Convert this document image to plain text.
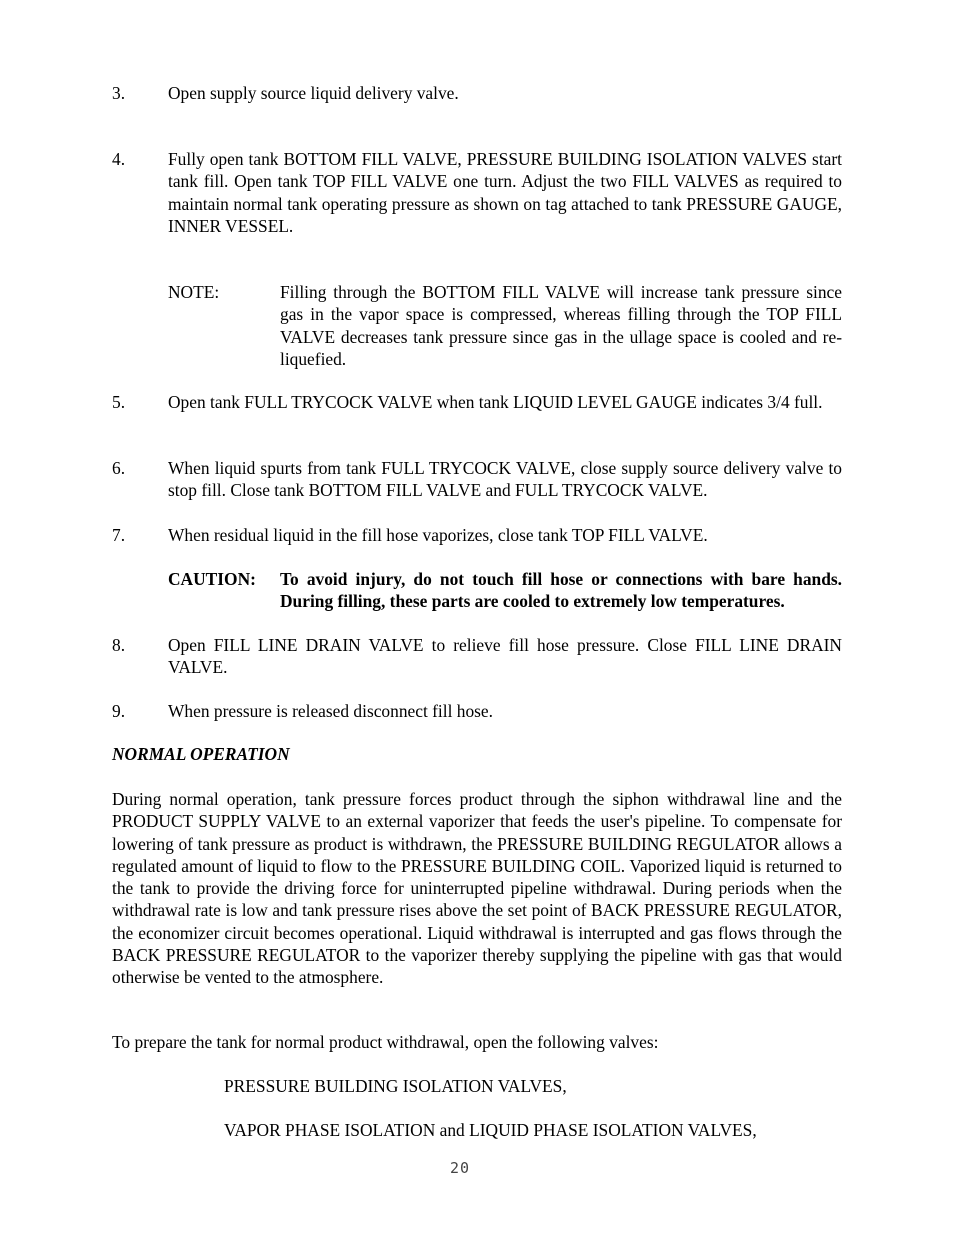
3.	Open supply source liquid delivery valve.
4.	Fully open tank BOTTOM FILL VALVE, PRESSURE BUILDING ISOLATION VALVES start tank fill. Open tank TOP FILL VALVE one turn. Adjust the two FILL VALVES as required to maintain normal tank operating pressure as shown on tag attached to tank PRESSURE GAUGE, INNER VESSEL.
NOTE:	Filling through the BOTTOM FILL VALVE will increase tank pressure since gas in the vapor space is compressed, whereas filling through the TOP FILL VALVE decreases tank pressure since gas in the ullage space is cooled and re-liquefied.
5.	Open tank FULL TRYCOCK VALVE when tank LIQUID LEVEL GAUGE indicates 3/4 full.
6.	When liquid spurts from tank FULL TRYCOCK VALVE, close supply source delivery valve to stop fill. Close tank BOTTOM FILL VALVE and FULL TRYCOCK VALVE.
7.	When residual liquid in the fill hose vaporizes, close tank TOP FILL VALVE.
CAUTION:	To avoid injury, do not touch fill hose or connections with bare hands. During filling, these parts are cooled to extremely low temperatures.
8.	Open FILL LINE DRAIN VALVE to relieve fill hose pressure. Close FILL LINE DRAIN VALVE.
9.	When pressure is released disconnect fill hose.
NORMAL OPERATION
During normal operation, tank pressure forces product through the siphon withdrawal line and the PRODUCT SUPPLY VALVE to an external vaporizer that feeds the user's pipeline. To compensate for lowering of tank pressure as product is withdrawn, the PRESSURE BUILDING REGULATOR allows a regulated amount of liquid to flow to the PRESSURE BUILDING COIL. Vaporized liquid is returned to the tank to provide the driving force for uninterrupted pipeline withdrawal. During periods when the withdrawal rate is low and tank pressure rises above the set point of BACK PRESSURE REGULATOR, the economizer circuit becomes operational. Liquid withdrawal is interrupted and gas flows through the BACK PRESSURE REGULATOR to the vaporizer thereby supplying the pipeline with gas that would otherwise be vented to the atmosphere.
To prepare the tank for normal product withdrawal, open the following valves:
PRESSURE BUILDING ISOLATION VALVES,
VAPOR PHASE ISOLATION and LIQUID PHASE ISOLATION VALVES,
20
